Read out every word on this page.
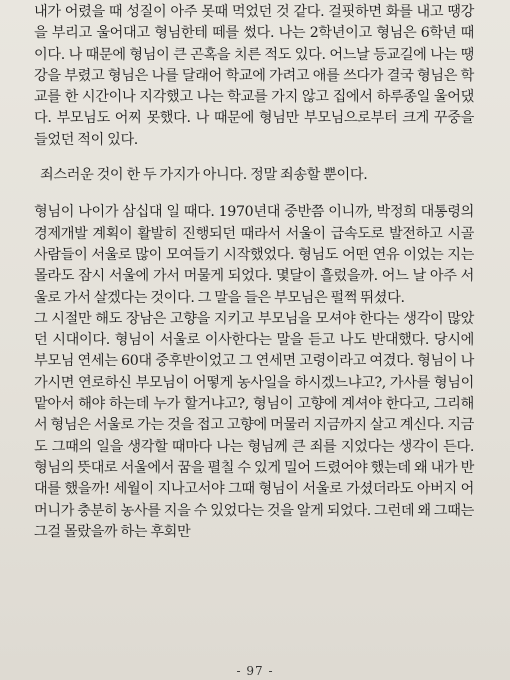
내가 어렸을 때 성질이 아주 못때 먹었던 것 같다. 걸핏하면 화를 내고 땡강을 부리고 울어대고 형님한테 떼를 썼다. 나는 2학년이고 형님은 6학년 때이다. 나 때문에 형님이 큰 곤혹을 치른 적도 있다. 어느날 등교길에 나는 땡강을 부렸고 형님은 나를 달래어 학교에 가려고 애를 쓰다가 결국 형님은 학교를 한 시간이나 지각했고 나는 학교를 가지 않고 집에서 하루종일 울어댔다. 부모님도 어찌 못했다. 나 때문에 형님만 부모님으로부터 크게 꾸중을 들었던 적이 있다.

죄스러운 것이 한 두 가지가 아니다. 정말 죄송할 뿐이다.

형님이 나이가 삼십대 일 때다. 1970년대 중반쯤 이니까, 박정희 대통령의 경제개발 계획이 활발히 진행되던 때라서 서울이 급속도로 발전하고 시골 사람들이 서울로 많이 모여들기 시작했었다. 형님도 어떤 연유 이었는 지는 몰라도 잠시 서울에 가서 머물게 되었다. 몇달이 흘렀을까. 어느 날 아주 서울로 가서 살겠다는 것이다. 그 말을 들은 부모님은 펄쩍 뛰셨다.

그 시절만 해도 장남은 고향을 지키고 부모님을 모셔야 한다는 생각이 많았던 시대이다. 형님이 서울로 이사한다는 말을 듣고 나도 반대했다. 당시에 부모님 연세는 60대 중후반이었고 그 연세면 고령이라고 여겼다. 형님이 나가시면 연로하신 부모님이 어떻게 농사일을 하시겠느냐고?, 가사를 형님이 맡아서 해야 하는데 누가 할거냐고?, 형님이 고향에 계셔야 한다고, 그리해서 형님은 서울로 가는 것을 접고 고향에 머물러 지금까지 살고 계신다. 지금도 그때의 일을 생각할 때마다 나는 형님께 큰 죄를 지었다는 생각이 든다. 형님의 뜻대로 서울에서 꿈을 펼칠 수 있게 밀어 드렸어야 했는데 왜 내가 반대를 했을까! 세월이 지나고서야 그때 형님이 서울로 가셨더라도 아버지 어머니가 충분히 농사를 지을 수 있었다는 것을 알게 되었다. 그런데 왜 그때는 그걸 몰랐을까 하는 후회만

- 97 -
